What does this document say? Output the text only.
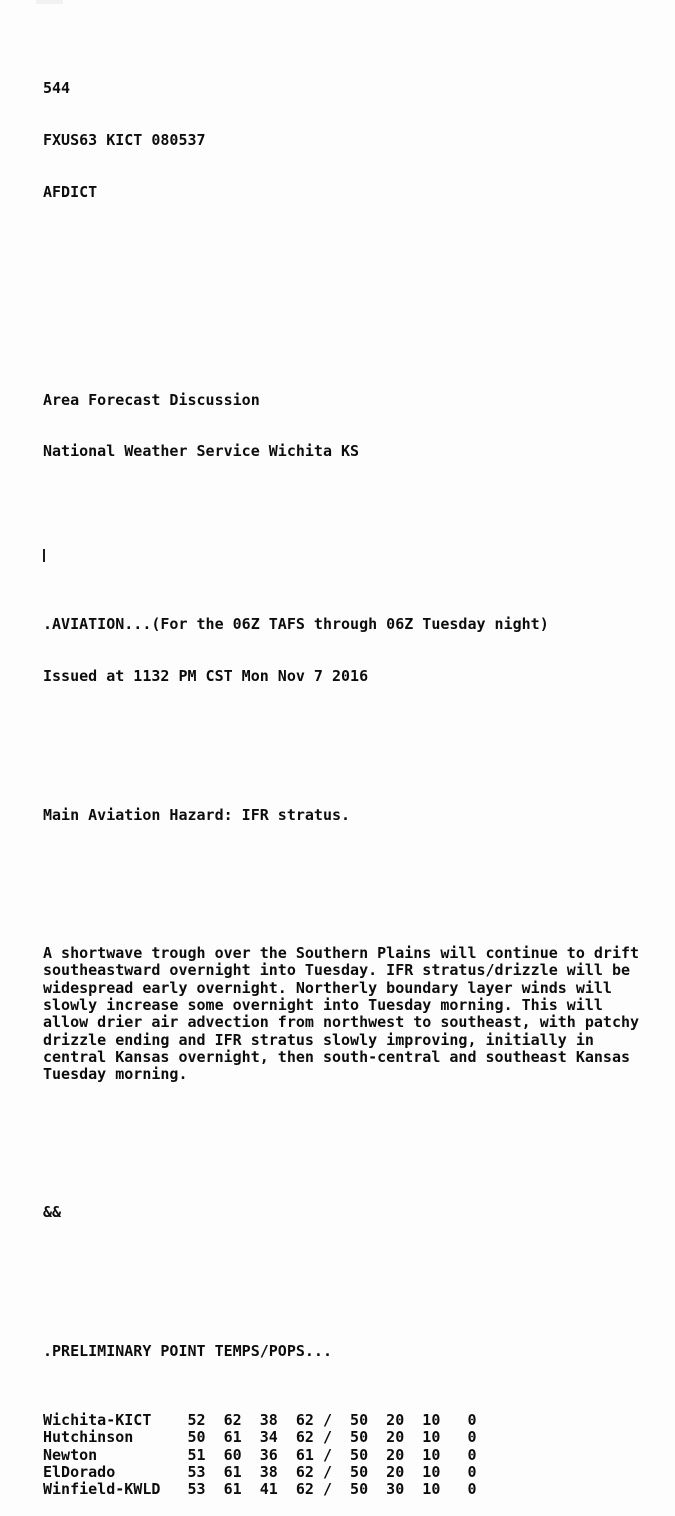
544

FXUS63 KICT 080537

AFDICT

Area Forecast Discussion

National Weather Service Wichita KS

.AVIATION...(For the 06Z TAFS through 06Z Tuesday night)

Issued at 1132 PM CST Mon Nov 7 2016

Main Aviation Hazard: IFR stratus.

A shortwave trough over the Southern Plains will continue to drift
southeastward overnight into Tuesday. IFR stratus/drizzle will be
widespread early overnight. Northerly boundary layer winds will
slowly increase some overnight into Tuesday morning. This will
allow drier air advection from northwest to southeast, with patchy
drizzle ending and IFR stratus slowly improving, initially in
central Kansas overnight, then south-central and southeast Kansas
Tuesday morning.

&&

.PRELIMINARY POINT TEMPS/POPS...

Wichita-KICT    52  62  38  62 /  50  20  10   0
Hutchinson      50  61  34  62 /  50  20  10   0
Newton          51  60  36  61 /  50  20  10   0
ElDorado        53  61  38  62 /  50  20  10   0
Winfield-KWLD   53  61  41  62 /  50  30  10   0
